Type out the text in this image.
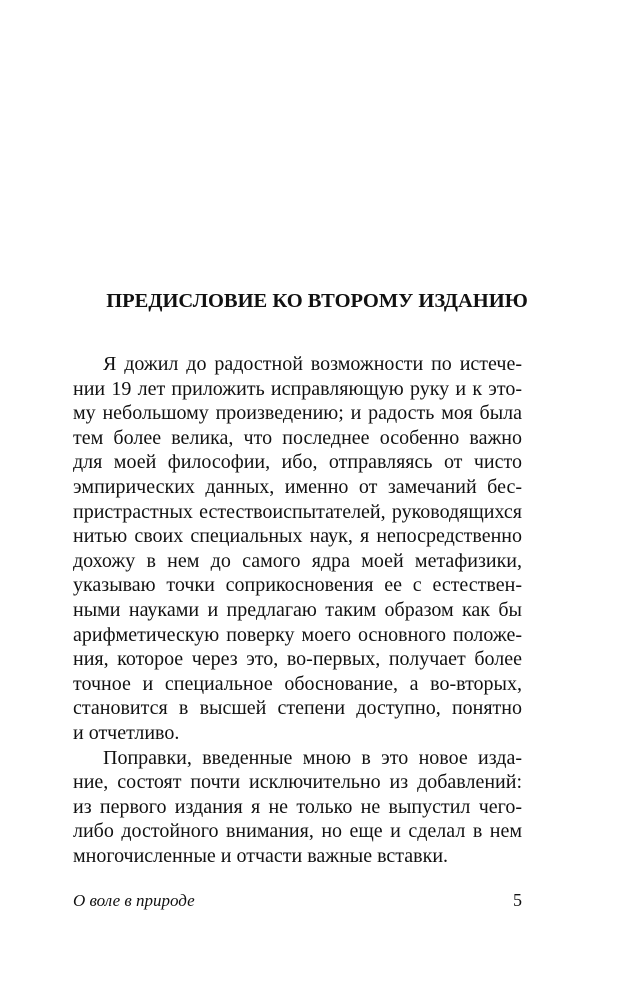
ПРЕДИСЛОВИЕ КО ВТОРОМУ ИЗДАНИЮ
Я дожил до радостной возможности по истече-
нии 19 лет приложить исправляющую руку и к это-
му небольшому произведению; и радость моя была
тем более велика, что последнее особенно важно
для моей философии, ибо, отправляясь от чисто
эмпирических данных, именно от замечаний бес-
пристрастных естествоиспытателей, руководящихся
нитью своих специальных наук, я непосредственно
дохожу в нем до самого ядра моей метафизики,
указываю точки соприкосновения ее с естествен-
ными науками и предлагаю таким образом как бы
арифметическую поверку моего основного положе-
ния, которое через это, во-первых, получает более
точное и специальное обоснование, а во-вторых,
становится в высшей степени доступно, понятно
и отчетливо.
Поправки, введенные мною в это новое изда-
ние, состоят почти исключительно из добавлений:
из первого издания я не только не выпустил чего-
либо достойного внимания, но еще и сделал в нем
многочисленные и отчасти важные вставки.
О воле в природе	5
